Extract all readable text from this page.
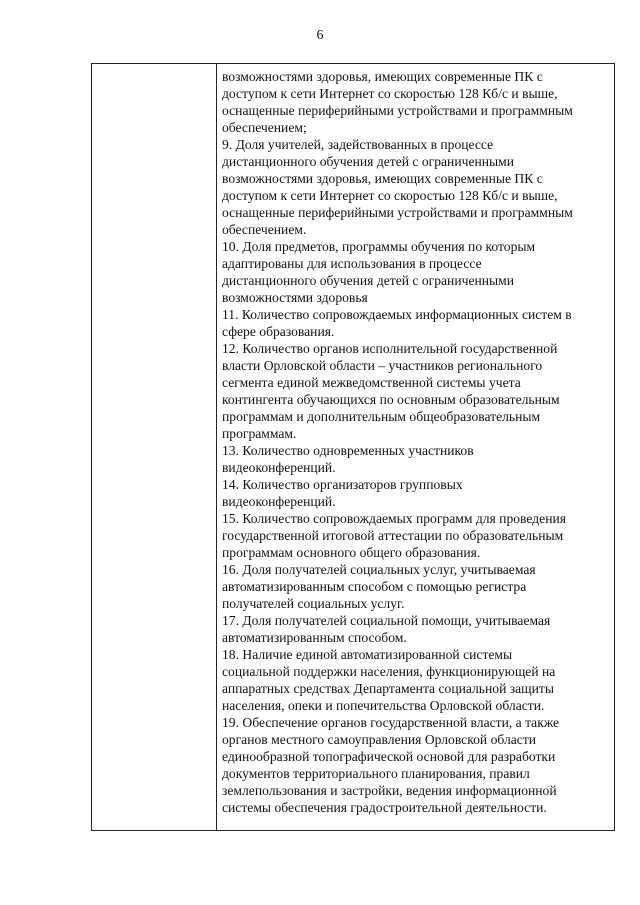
6
возможностями здоровья, имеющих современные ПК с
доступом к сети Интернет со скоростью 128 Кб/с и выше,
оснащенные периферийными устройствами и программным
обеспечением;
9. Доля учителей, задействованных в процессе
дистанционного обучения детей с ограниченными
возможностями здоровья, имеющих современные ПК с
доступом к сети Интернет со скоростью 128 Кб/с и выше,
оснащенные периферийными устройствами и программным
обеспечением.
10. Доля предметов, программы обучения по которым
адаптированы для использования в процессе
дистанционного обучения детей с ограниченными
возможностями здоровья
11. Количество сопровождаемых информационных систем в
сфере образования.
12. Количество органов исполнительной государственной
власти Орловской области – участников регионального
сегмента единой межведомственной системы учета
контингента обучающихся по основным образовательным
программам и дополнительным общеобразовательным
программам.
13. Количество одновременных участников
видеоконференций.
14. Количество организаторов групповых
видеоконференций.
15. Количество сопровождаемых программ для проведения
государственной итоговой аттестации по образовательным
программам основного общего образования.
16. Доля получателей социальных услуг, учитываемая
автоматизированным способом с помощью регистра
получателей социальных услуг.
17. Доля получателей социальной помощи, учитываемая
автоматизированным способом.
18. Наличие единой автоматизированной системы
социальной поддержки населения, функционирующей на
аппаратных средствах Департамента социальной защиты
населения, опеки и попечительства Орловской области.
19. Обеспечение органов государственной власти, а также
органов местного самоуправления Орловской области
единообразной топографической основой для разработки
документов территориального планирования, правил
землепользования и застройки, ведения информационной
системы обеспечения градостроительной деятельности.
